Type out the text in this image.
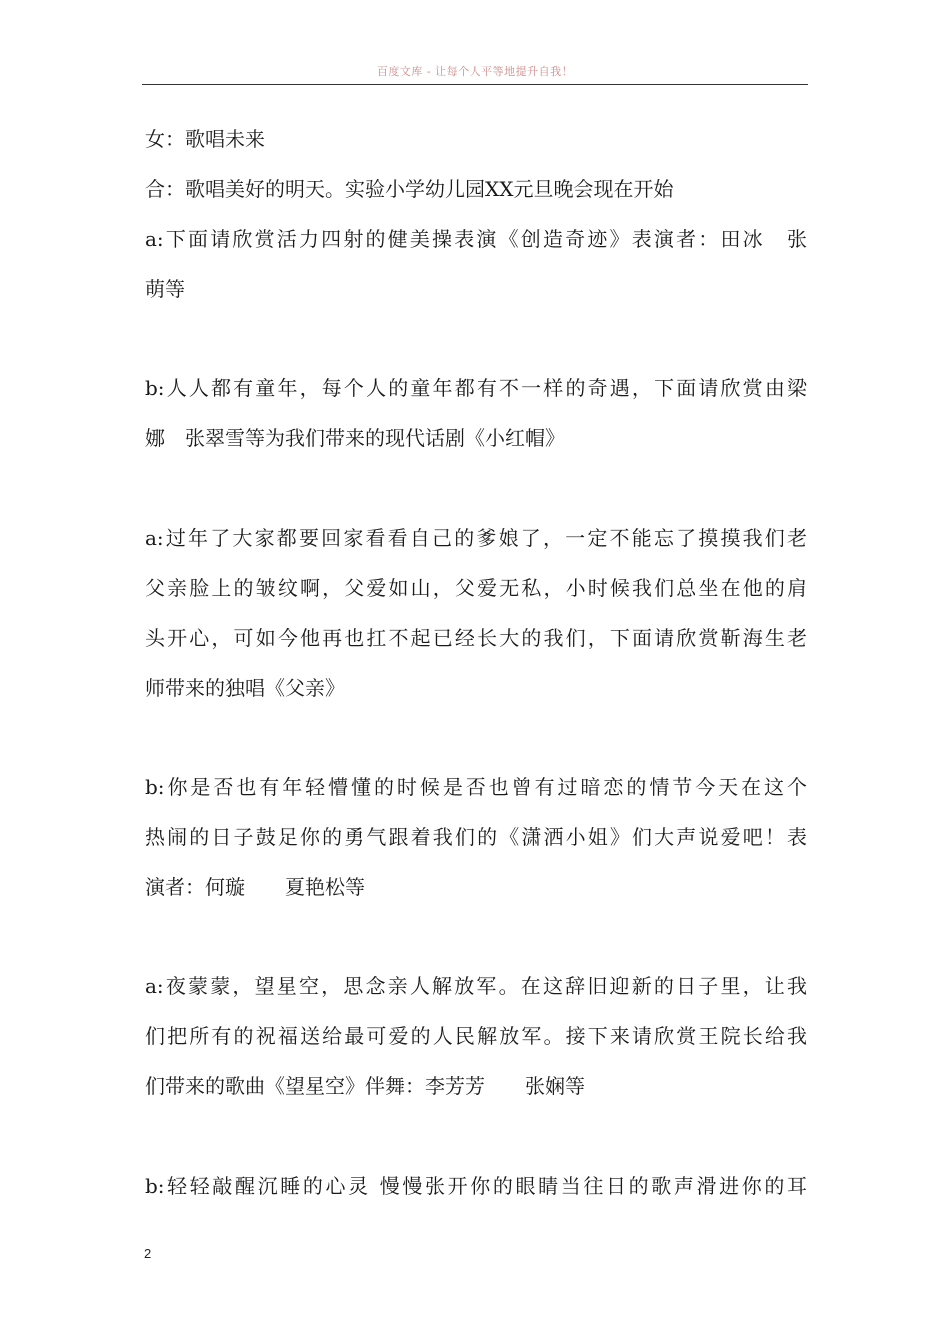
百度文库 - 让每个人平等地提升自我！
女：歌唱未来
合：歌唱美好的明天。实验小学幼儿园XX元旦晚会现在开始
a:下面请欣赏活力四射的健美操表演《创造奇迹》表演者：田冰　张
萌等
b:人人都有童年，每个人的童年都有不一样的奇遇，下面请欣赏由梁
娜　张翠雪等为我们带来的现代话剧《小红帽》
a:过年了大家都要回家看看自己的爹娘了，一定不能忘了摸摸我们老
父亲脸上的皱纹啊，父爱如山，父爱无私，小时候我们总坐在他的肩
头开心，可如今他再也扛不起已经长大的我们，下面请欣赏靳海生老
师带来的独唱《父亲》
b:你是否也有年轻懵懂的时候是否也曾有过暗恋的情节今天在这个
热闹的日子鼓足你的勇气跟着我们的《潇洒小姐》们大声说爱吧！表
演者：何璇　　夏艳松等
a:夜蒙蒙，望星空，思念亲人解放军。在这辞旧迎新的日子里，让我
们把所有的祝福送给最可爱的人民解放军。接下来请欣赏王院长给我
们带来的歌曲《望星空》伴舞：李芳芳　　张娴等
b:轻轻敲醒沉睡的心灵 慢慢张开你的眼睛当往日的歌声滑进你的耳
2
